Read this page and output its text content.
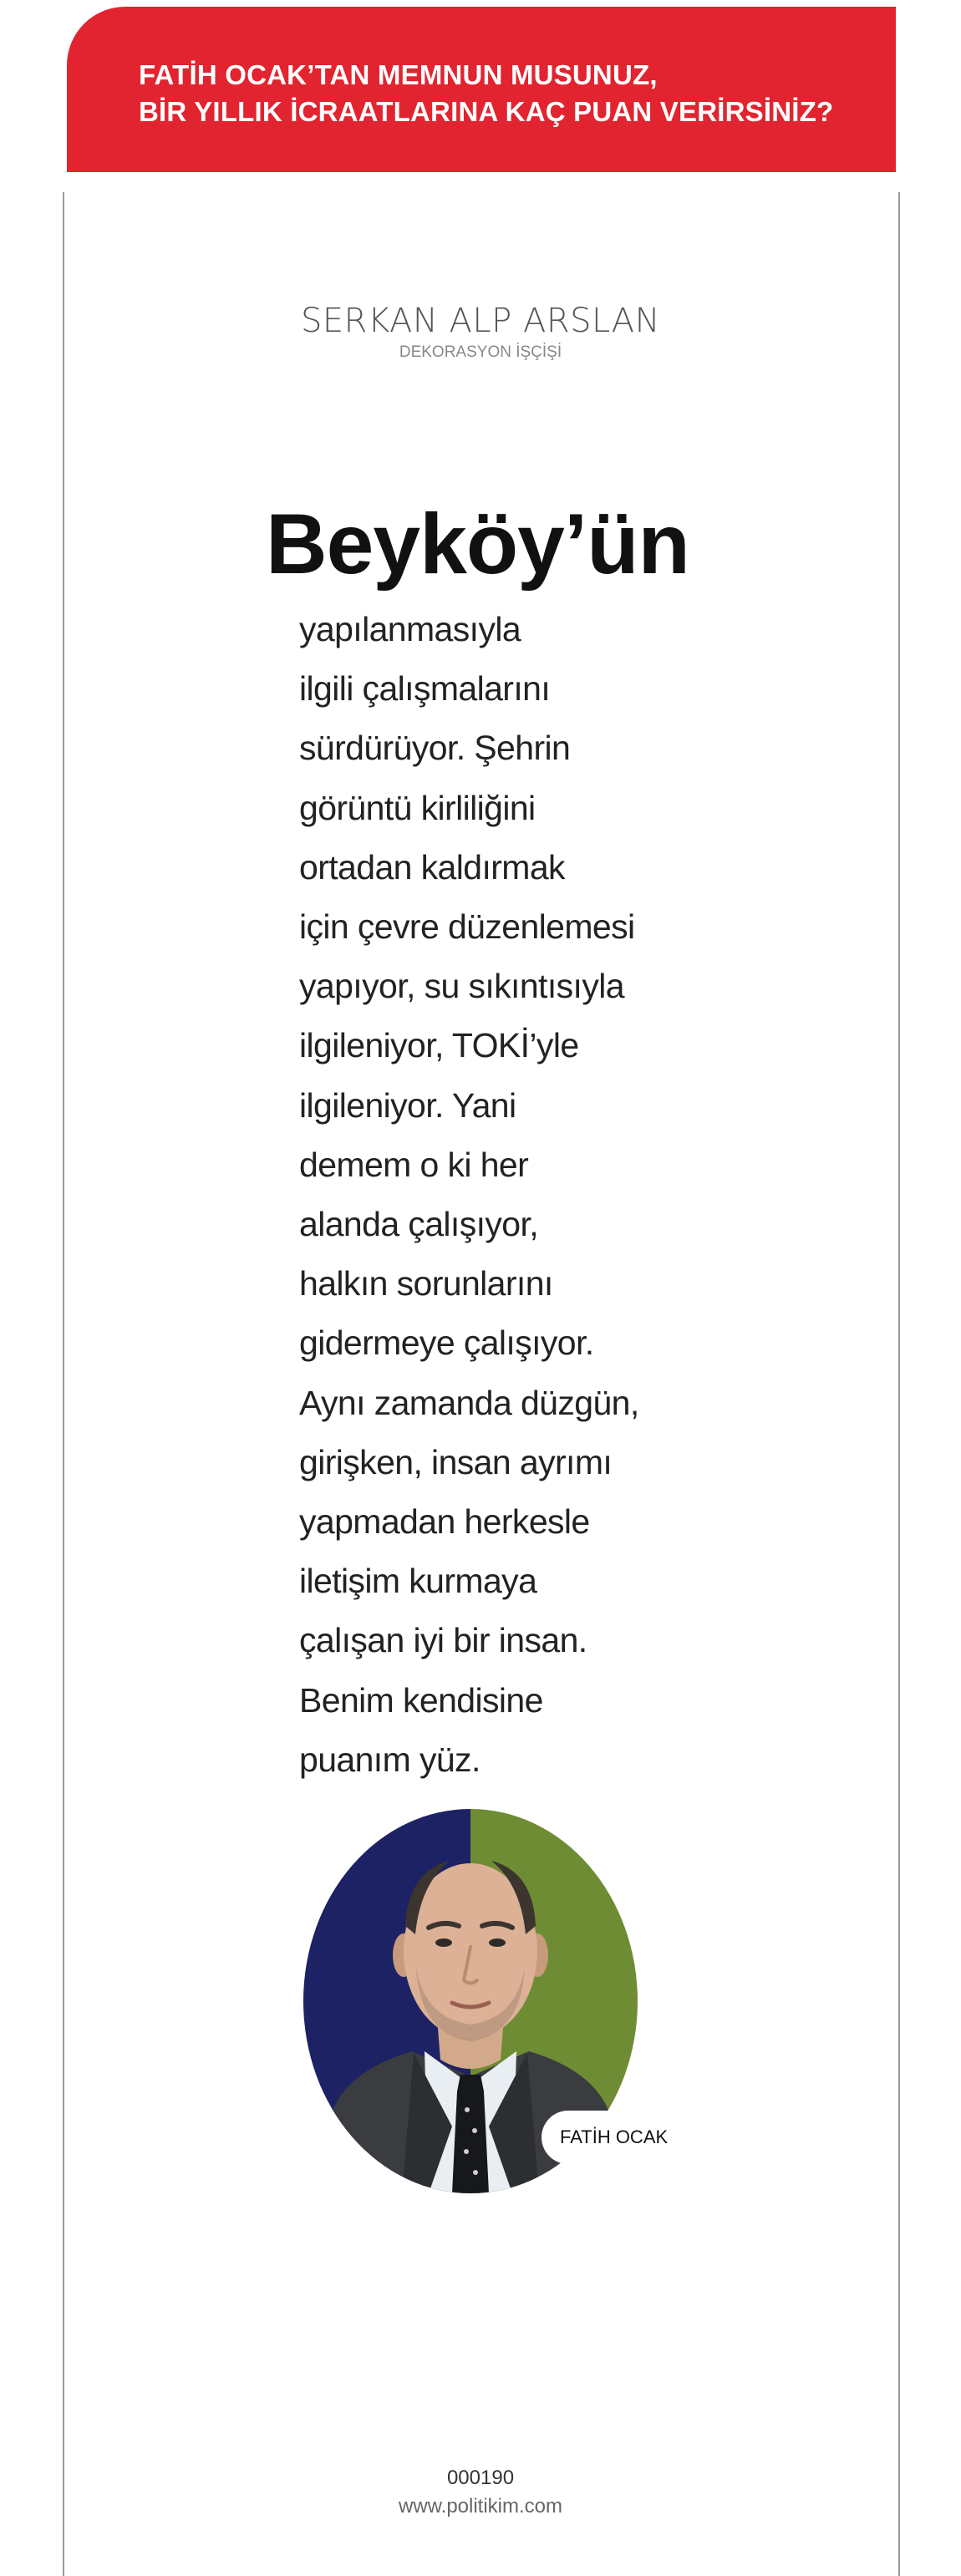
FATİH OCAK’TAN MEMNUN MUSUNUZ,
BİR YILLIK İCRAATLARINA KAÇ PUAN VERİRSİNİZ?
SERKAN ALP ARSLAN
DEKORASYON İŞÇİŞİ
Beyköy’ün
yapılanmasıyla
ilgili çalışmalarını
sürdürüyor. Şehrin
görüntü kirliliğini
ortadan kaldırmak
için çevre düzenlemesi
yapıyor, su sıkıntısıyla
ilgileniyor, TOKİ’yle
ilgileniyor. Yani
demem o ki her
alanda çalışıyor,
halkın sorunlarını
gidermeye çalışıyor.
Aynı zamanda düzgün,
girişken, insan ayrımı
yapmadan herkesle
iletişim kurmaya
çalışan iyi bir insan.
Benim kendisine
puanım yüz.
FATİH OCAK
000190
www.politikim.com
